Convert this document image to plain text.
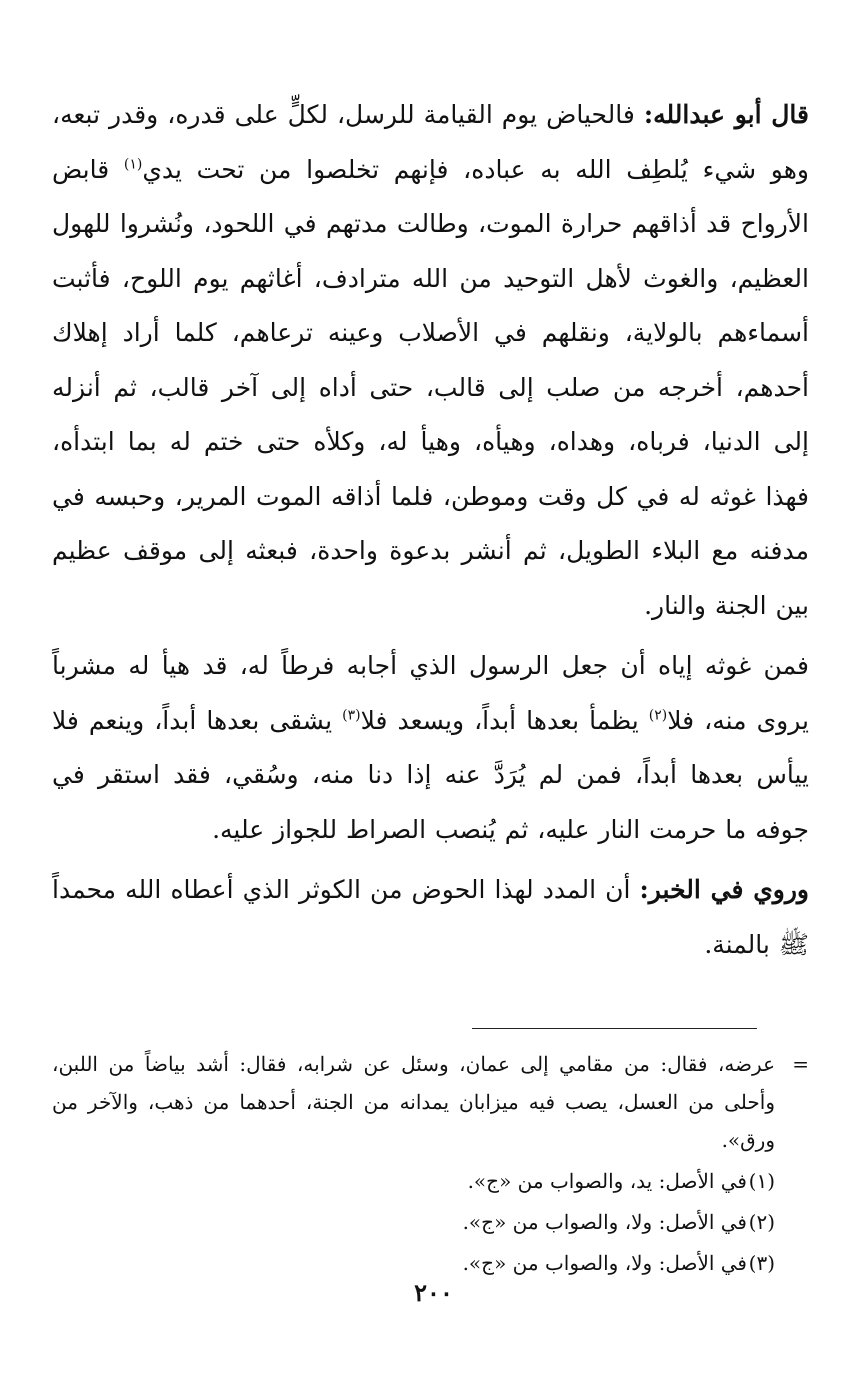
قال أبو عبدالله: فالحياض يوم القيامة للرسل، لكلٍّ على قدره، وقدر تبعه، وهو شيء يُلطِف الله به عباده، فإنهم تخلصوا من تحت يدي$^{(١)}$ قابض الأرواح قد أذاقهم حرارة الموت، وطالت مدتهم في اللحود، ونُشروا للهول العظيم، والغوث لأهل التوحيد من الله مترادف، أغاثهم يوم اللوح، فأثبت أسماءهم بالولاية، ونقلهم في الأصلاب وعينه ترعاهم، كلما أراد إهلاك أحدهم، أخرجه من صلب إلى قالب، حتى أداه إلى آخر قالب، ثم أنزله إلى الدنيا، فرباه، وهداه، وهيأه، وهيأ له، وكلأه حتى ختم له بما ابتدأه، فهذا غوثه له في كل وقت وموطن، فلما أذاقه الموت المرير، وحبسه في مدفنه مع البلاء الطويل، ثم أنشر بدعوة واحدة، فبعثه إلى موقف عظيم بين الجنة والنار.

فمن غوثه إياه أن جعل الرسول الذي أجابه فرطاً له، قد هيأ له مشرباً يروى منه، فلا$^{(٢)}$ يظمأ بعدها أبداً، ويسعد فلا$^{(٣)}$ يشقى بعدها أبداً، وينعم فلا ييأس بعدها أبداً، فمن لم يُرَدَّ عنه إذا دنا منه، وسُقي، فقد استقر في جوفه ما حرمت النار عليه، ثم يُنصب الصراط للجواز عليه.

وروي في الخبر: أن المدد لهذا الحوض من الكوثر الذي أعطاه الله محمداً ﷺ بالمنة.

=
عرضه، فقال: من مقامي إلى عمان، وسئل عن شرابه، فقال: أشد بياضاً من اللبن، وأحلى من العسل، يصب فيه ميزابان يمدانه من الجنة، أحدهما من ذهب، والآخر من ورق».
(١)
في الأصل: يد، والصواب من «ج».
(٢)
في الأصل: ولا، والصواب من «ج».
(٣)
في الأصل: ولا، والصواب من «ج».
٢٠٠
